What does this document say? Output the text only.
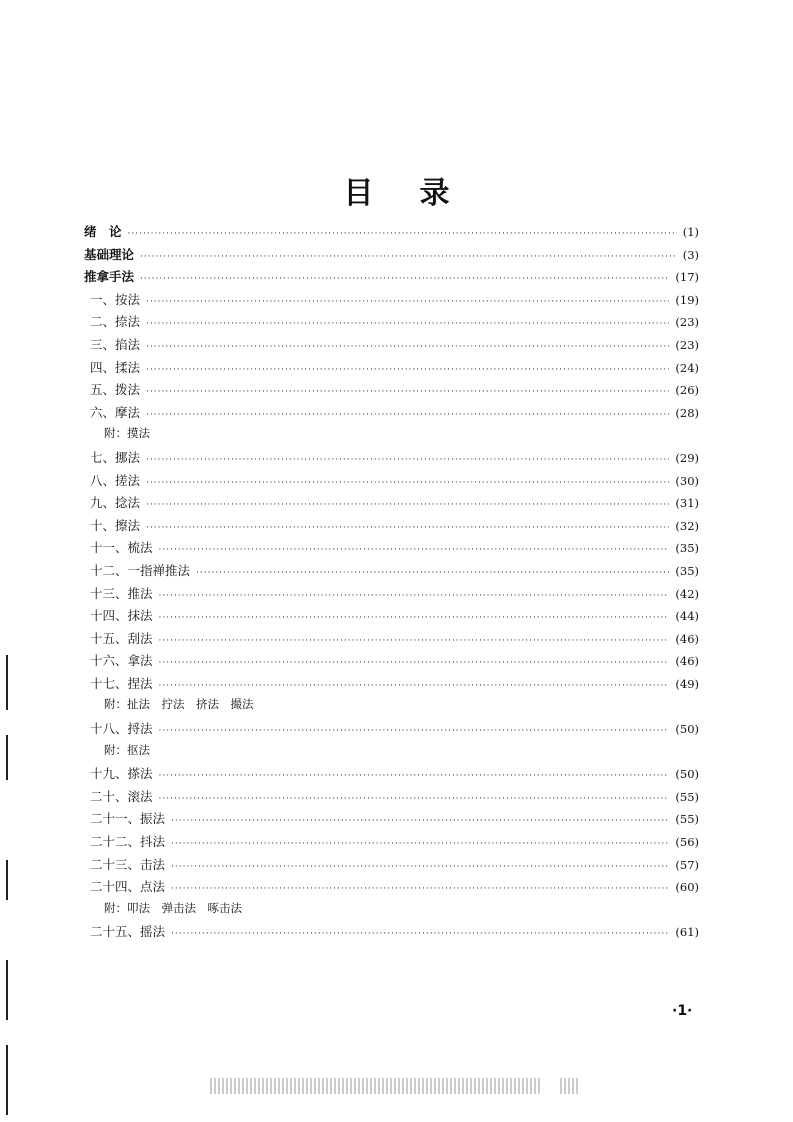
目录
绪　论 ·····	(1)
基础理论 ·····	(3)
推拿手法 ·····	(17)
一、按法 ·····	(19)
二、捺法 ·····	(23)
三、掐法 ·····	(23)
四、揉法 ·····	(24)
五、拨法 ·····	(26)
六、摩法 ·····	(28)
附：摸法
七、挪法 ·····	(29)
八、搓法 ·····	(30)
九、捻法 ·····	(31)
十、擦法 ·····	(32)
十一、梳法 ·····	(35)
十二、一指禅推法 ·····	(35)
十三、推法 ·····	(42)
十四、抹法 ·····	(44)
十五、刮法 ·····	(46)
十六、拿法 ·····	(46)
十七、捏法 ·····	(49)
附：扯法　拧法　挤法　撮法
十八、捋法 ·····	(50)
附：抠法
十九、搽法 ·····	(50)
二十、滚法 ·····	(55)
二十一、振法 ·····	(55)
二十二、抖法 ·····	(56)
二十三、击法 ·····	(57)
二十四、点法 ·····	(60)
附：叩法　弹击法　啄击法
二十五、摇法 ·····	(61)
·1·
